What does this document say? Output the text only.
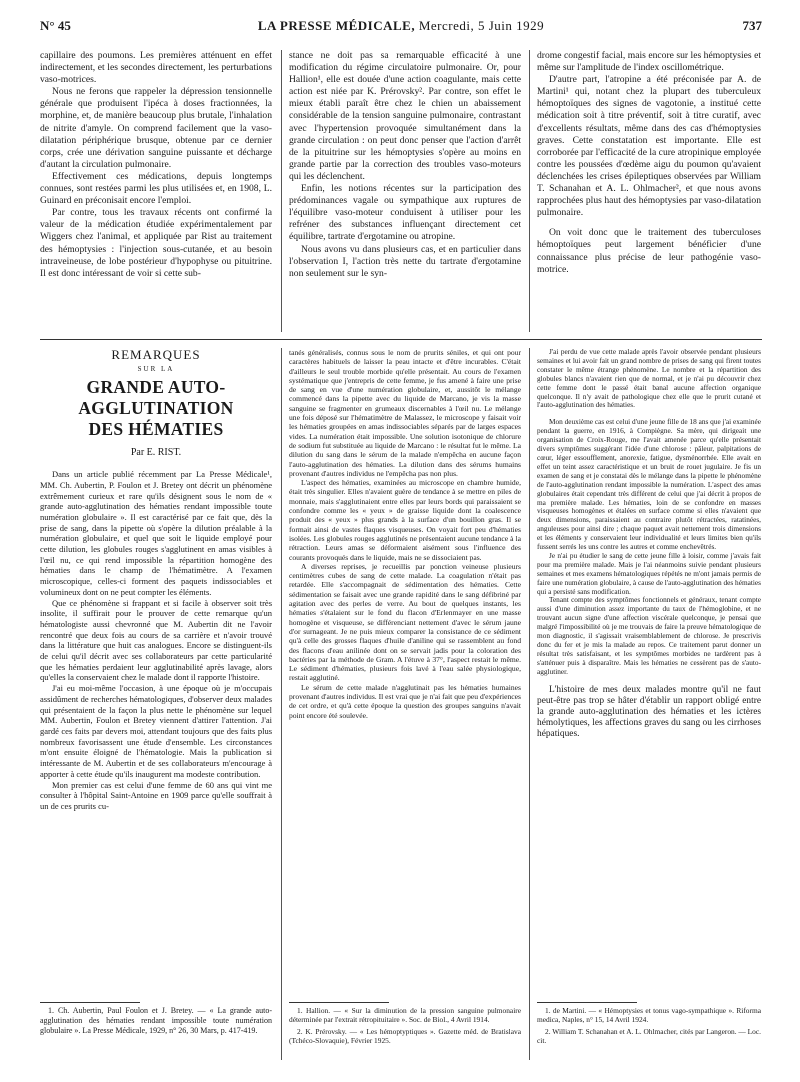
N° 45	LA PRESSE MÉDICALE, Mercredi, 5 Juin 1929	737

capillaire des poumons. Les premières atténuent en effet indirectement, et les secondes directement, les perturbations vaso-motrices.

Nous ne ferons que rappeler la dépression tensionnelle générale que produisent l'ipéca à doses fractionnées, la morphine, et, de manière beaucoup plus brutale, l'inhalation de nitrite d'amyle. On comprend facilement que la vaso-dilatation périphérique brusque, obtenue par ce dernier corps, crée une dérivation sanguine puissante et décharge d'autant la circulation pulmonaire.

Effectivement ces médications, depuis longtemps connues, sont restées parmi les plus utilisées et, en 1908, L. Guinard en préconisait encore l'emploi.

Par contre, tous les travaux récents ont confirmé la valeur de la médication étudiée expérimentalement par Wiggers chez l'animal, et appliquée par Rist au traitement des hémoptysies : l'injection sous-cutanée, et au besoin intraveineuse, de lobe postérieur d'hypophyse ou pituitrine. Il est donc intéressant de voir si cette sub-

stance ne doit pas sa remarquable efficacité à une modification du régime circulatoire pulmonaire. Or, pour Hallion¹, elle est douée d'une action coagulante, mais cette action est niée par K. Prérovsky². Par contre, son effet le mieux établi paraît être chez le chien un abaissement considérable de la tension sanguine pulmonaire, contrastant avec l'hypertension provoquée simultanément dans la grande circulation : on peut donc penser que l'action d'arrêt de la pituitrine sur les hémoptysies s'opère au moins en grande partie par la correction des troubles vaso-moteurs qui les déclenchent.

Enfin, les notions récentes sur la participation des prédominances vagale ou sympathique aux ruptures de l'équilibre vaso-moteur conduisent à utiliser pour les refréner des substances influençant directement cet équilibre, tartrate d'ergotamine ou atropine.

Nous avons vu dans plusieurs cas, et en particulier dans l'observation I, l'action très nette du tartrate d'ergotamine non seulement sur le syn-

drome congestif facial, mais encore sur les hémoptysies et même sur l'amplitude de l'index oscillométrique.

D'autre part, l'atropine a été préconisée par A. de Martini¹ qui, notant chez la plupart des tuberculeux hémoptoïques des signes de vagotonie, a institué cette médication soit à titre préventif, soit à titre curatif, avec d'excellents résultats, même dans des cas d'hémoptysies graves. Cette constatation est importante. Elle est corroborée par l'efficacité de la cure atropinique employée contre les poussées d'œdème aigu du poumon qu'avaient déclenchées les crises épileptiques observées par William T. Schanahan et A. L. Ohlmacher², et que nous avons rapprochées plus haut des hémoptysies par vaso-dilatation pulmonaire.

On voit donc que le traitement des tuberculoses hémoptoïques peut largement bénéficier d'une connaissance plus précise de leur pathogénie vaso-motrice.

REMARQUES
SUR LA
GRANDE AUTO-AGGLUTINATION
DES HÉMATIES
Par E. RIST.

Dans un article publié récemment par La Presse Médicale¹, MM. Ch. Aubertin, P. Foulon et J. Bretey ont décrit un phénomène extrêmement curieux et rare qu'ils désignent sous le nom de « grande auto-agglutination des hématies rendant impossible toute numération globulaire ». Il est caractérisé par ce fait que, dès la prise de sang, dans la pipette où s'opère la dilution préalable à la numération globulaire, et quel que soit le liquide employé pour cette dilution, les globules rouges s'agglutinent en amas visibles à l'œil nu, ce qui rend impossible la répartition homogène des hématies dans le champ de l'hématimètre. A l'examen microscopique, celles-ci forment des paquets indissociables et volumineux dont on ne peut compter les éléments.

Que ce phénomène si frappant et si facile à observer soit très insolite, il suffirait pour le prouver de cette remarque qu'un hématologiste aussi chevronné que M. Aubertin dit ne l'avoir rencontré que deux fois au cours de sa carrière et n'avoir trouvé dans la littérature que huit cas analogues. Encore se distinguent-ils de celui qu'il décrit avec ses collaborateurs par cette particularité que les hématies perdaient leur agglutinabilité après lavage, alors qu'elles la conservaient chez le malade dont il rapporte l'histoire.

J'ai eu moi-même l'occasion, à une époque où je m'occupais assidûment de recherches hématologiques, d'observer deux malades qui présentaient de la façon la plus nette le phénomène sur lequel MM. Aubertin, Foulon et Bretey viennent d'attirer l'attention. J'ai gardé ces faits par devers moi, attendant toujours que des faits plus nombreux favorisassent une étude d'ensemble. Les circonstances m'ont ensuite éloigné de l'hématologie. Mais la publication si intéressante de M. Aubertin et de ses collaborateurs m'encourage à apporter à cette étude qu'ils inaugurent ma modeste contribution.

Mon premier cas est celui d'une femme de 60 ans qui vint me consulter à l'hôpital Saint-Antoine en 1909 parce qu'elle souffrait à un de ces prurits cu-

tanés généralisés, connus sous le nom de prurits séniles, et qui ont pour caractères habituels de laisser la peau intacte et d'être incurables. C'était d'ailleurs le seul trouble morbide qu'elle présentait. Au cours de l'examen systématique que j'entrepris de cette femme, je fus amené à faire une prise de sang en vue d'une numération globulaire, et, aussitôt le mélange commencé dans la pipette avec du liquide de Marcano, je vis la masse sanguine se fragmenter en grumeaux discernables à l'œil nu. Le mélange une fois déposé sur l'hématimètre de Malassez, le microscope y faisait voir les hématies groupées en amas indissociables séparés par de larges espaces vides. La numération était impossible. Une solution isotonique de chlorure de sodium fut substituée au liquide de Marcano : le résultat fut le même. La dilution du sang dans le sérum de la malade n'empêcha en aucune façon l'auto-agglutination des hématies. La dilution dans des sérums humains provenant d'autres individus ne l'empêcha pas non plus.

L'aspect des hématies, examinées au microscope en chambre humide, était très singulier. Elles n'avaient guère de tendance à se mettre en piles de monnaie, mais s'agglutinaient entre elles par leurs bords qui paraissaient se confondre comme les « yeux » de graisse liquide dont la coalescence produit des « yeux » plus grands à la surface d'un bouillon gras. Il se formait ainsi de vastes flaques visqueuses. On voyait fort peu d'hématies isolées. Les globules rouges agglutinés ne présentaient aucune tendance à la rétraction. Leurs amas se déformaient aisément sous l'influence des courants provoqués dans le liquide, mais ne se dissociaient pas.

A diverses reprises, je recueillis par ponction veineuse plusieurs centimètres cubes de sang de cette malade. La coagulation n'était pas retardée. Elle s'accompagnait de sédimentation des hématies. Cette sédimentation se faisait avec une grande rapidité dans le sang défibriné par agitation avec des perles de verre. Au bout de quelques instants, les hématies s'étalaient sur le fond du flacon d'Erlenmayer en une masse homogène et visqueuse, se différenciant nettement d'avec le sérum jaune d'or surnageant. Je ne puis mieux comparer la consistance de ce sédiment qu'à celle des grosses flaques d'huile d'aniline qui se rassemblent au fond des flacons d'eau anilinée dont on se servait jadis pour la coloration des bactéries par la méthode de Gram. A l'étuve à 37°, l'aspect restait le même. Le sédiment d'hématies, plusieurs fois lavé à l'eau salée physiologique, restait agglutiné.

Le sérum de cette malade n'agglutinait pas les hématies humaines provenant d'autres individus. Il est vrai que je n'ai fait que peu d'expériences de cet ordre, et qu'à cette époque la question des groupes sanguins n'avait point encore été soulevée.

J'ai perdu de vue cette malade après l'avoir observée pendant plusieurs semaines et lui avoir fait un grand nombre de prises de sang qui firent toutes constater le même étrange phénomène. Le nombre et la répartition des globules blancs n'avaient rien que de normal, et je n'ai pu découvrir chez cette femme dont le passé était banal aucune affection organique quelconque. Il n'y avait de pathologique chez elle que le prurit cutané et l'auto-agglutination des hématies.

Mon deuxième cas est celui d'une jeune fille de 18 ans que j'ai examinée pendant la guerre, en 1916, à Compiègne. Sa mère, qui dirigeait une organisation de Croix-Rouge, me l'avait amenée parce qu'elle présentait divers symptômes suggérant l'idée d'une chlorose : pâleur, palpitations de cœur, léger essoufflement, anorexie, fatigue, dysménorrhée. Elle avait en effet un teint assez caractéristique et un bruit de rouet jugulaire. Je fis un examen de sang et je constatai dès le mélange dans la pipette le phénomène de l'auto-agglutination rendant impossible la numération. L'aspect des amas globulaires était cependant très différent de celui que j'ai décrit à propos de ma première malade. Les hématies, loin de se confondre en masses visqueuses homogènes et étalées en surface comme si elles n'avaient que deux dimensions, paraissaient au contraire plutôt rétractées, ratatinées, anguleuses pour ainsi dire ; chaque paquet avait nettement trois dimensions et les éléments y conservaient leur individualité et leurs limites bien qu'ils fussent serrés les uns contre les autres et comme enchevêtrés.

Je n'ai pu étudier le sang de cette jeune fille à loisir, comme j'avais fait pour ma première malade. Mais je l'ai néanmoins suivie pendant plusieurs semaines et mes examens hématologiques répétés ne m'ont jamais permis de faire une numération globulaire, à cause de l'auto-agglutination des hématies qui a persisté sans modification.

Tenant compte des symptômes fonctionnels et généraux, tenant compte aussi d'une diminution assez importante du taux de l'hémoglobine, et ne trouvant aucun signe d'une affection viscérale quelconque, je pensai que malgré l'impossibilité où je me trouvais de faire la preuve hématologique de mon diagnostic, il s'agissait vraisemblablement de chlorose. Je prescrivis donc du fer et je mis la malade au repos. Ce traitement parut donner un résultat très satisfaisant, et les symptômes morbides ne tardèrent pas à s'atténuer puis à disparaître. Mais les hématies ne cessèrent pas de s'auto-agglutiner.

L'histoire de mes deux malades montre qu'il ne faut peut-être pas trop se hâter d'établir un rapport obligé entre la grande auto-agglutination des hématies et les ictères hémolytiques, les affections graves du sang ou les cirrhoses hépatiques.

1. Ch. Aubertin, Paul Foulon et J. Bretey. — « La grande auto-agglutination des hématies rendant impossible toute numération globulaire ». La Presse Médicale, 1929, n° 26, 30 Mars, p. 417-419.

1. Hallion. — « Sur la diminution de la pression sanguine pulmonaire déterminée par l'extrait rétropituitaire ». Soc. de Biol., 4 Avril 1914.

2. K. Prérovsky. — « Les hémoptyptiques ». Gazette méd. de Bratislava (Tchéco-Slovaquie), Février 1925.

1. de Martini. — « Hémoptysies et tonus vago-sympathique ». Riforma medica, Naples, n° 15, 14 Avril 1924.

2. William T. Schanahan et A. L. Ohlmacher, cités par Langeron. — Loc. cit.
